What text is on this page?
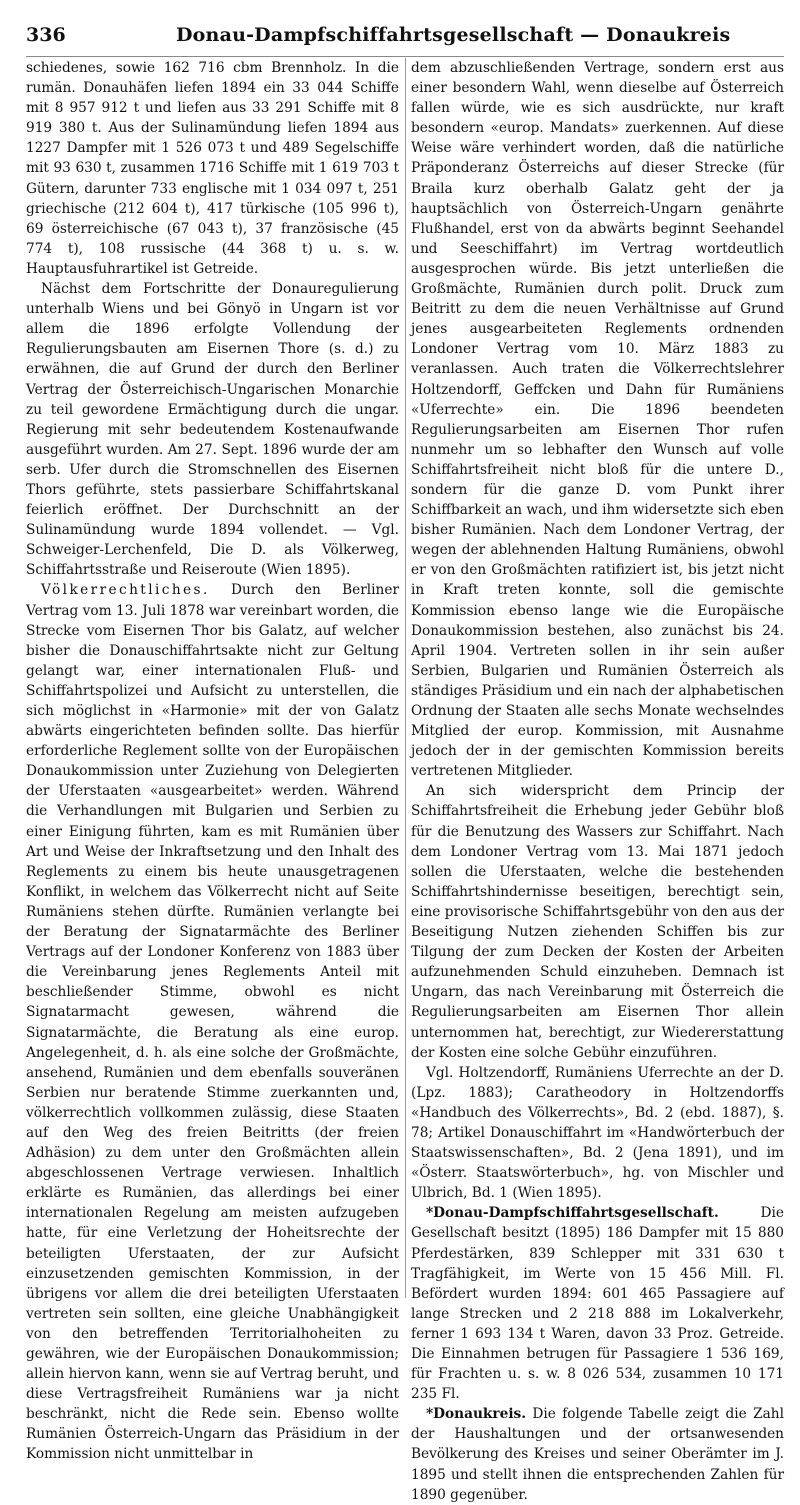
336	Donau-Dampfschiffahrtsgesellschaft — Donaukreis

schiedenes, sowie 162 716 cbm Brennholz. In die rumän. Donauhäfen liefen 1894 ein 33 044 Schiffe mit 8 957 912 t und liefen aus 33 291 Schiffe mit 8 919 380 t. Aus der Sulinamündung liefen 1894 aus 1227 Dampfer mit 1 526 073 t und 489 Segelschiffe mit 93 630 t, zusammen 1716 Schiffe mit 1 619 703 t Gütern, darunter 733 englische mit 1 034 097 t, 251 griechische (212 604 t), 417 türkische (105 996 t), 69 österreichische (67 043 t), 37 französische (45 774 t), 108 russische (44 368 t) u. s. w. Hauptausfuhrartikel ist Getreide.

Nächst dem Fortschritte der Donauregulierung unterhalb Wiens und bei Gönyö in Ungarn ist vor allem die 1896 erfolgte Vollendung der Regulierungsbauten am Eisernen Thore (s. d.) zu erwähnen, die auf Grund der durch den Berliner Vertrag der Österreichisch-Ungarischen Monarchie zu teil gewordene Ermächtigung durch die ungar. Regierung mit sehr bedeutendem Kostenaufwande ausgeführt wurden. Am 27. Sept. 1896 wurde der am serb. Ufer durch die Stromschnellen des Eisernen Thors geführte, stets passierbare Schiffahrtskanal feierlich eröffnet. Der Durchschnitt an der Sulinamündung wurde 1894 vollendet. — Vgl. Schweiger-Lerchenfeld, Die D. als Völkerweg, Schiffahrtsstraße und Reiseroute (Wien 1895).

Völkerrechtliches. Durch den Berliner Vertrag vom 13. Juli 1878 war vereinbart worden, die Strecke vom Eisernen Thor bis Galatz, auf welcher bisher die Donauschiffahrtsakte nicht zur Geltung gelangt war, einer internationalen Fluß- und Schiffahrtspolizei und Aufsicht zu unterstellen, die sich möglichst in «Harmonie» mit der von Galatz abwärts eingerichteten befinden sollte. Das hierfür erforderliche Reglement sollte von der Europäischen Donaukommission unter Zuziehung von Delegierten der Uferstaaten «ausgearbeitet» werden. Während die Verhandlungen mit Bulgarien und Serbien zu einer Einigung führten, kam es mit Rumänien über Art und Weise der Inkraftsetzung und den Inhalt des Reglements zu einem bis heute unausgetragenen Konflikt, in welchem das Völkerrecht nicht auf Seite Rumäniens stehen dürfte. Rumänien verlangte bei der Beratung der Signatarmächte des Berliner Vertrags auf der Londoner Konferenz von 1883 über die Vereinbarung jenes Reglements Anteil mit beschließender Stimme, obwohl es nicht Signatarmacht gewesen, während die Signatarmächte, die Beratung als eine europ. Angelegenheit, d. h. als eine solche der Großmächte, ansehend, Rumänien und dem ebenfalls souveränen Serbien nur beratende Stimme zuerkannten und, völkerrechtlich vollkommen zulässig, diese Staaten auf den Weg des freien Beitritts (der freien Adhäsion) zu dem unter den Großmächten allein abgeschlossenen Vertrage verwiesen. Inhaltlich erklärte es Rumänien, das allerdings bei einer internationalen Regelung am meisten aufzugeben hatte, für eine Verletzung der Hoheitsrechte der beteiligten Uferstaaten, der zur Aufsicht einzusetzenden gemischten Kommission, in der übrigens vor allem die drei beteiligten Uferstaaten vertreten sein sollten, eine gleiche Unabhängigkeit von den betreffenden Territorialhoheiten zu gewähren, wie der Europäischen Donaukommission; allein hiervon kann, wenn sie auf Vertrag beruht, und diese Vertragsfreiheit Rumäniens war ja nicht beschränkt, nicht die Rede sein. Ebenso wollte Rumänien Österreich-Ungarn das Präsidium in der Kommission nicht unmittelbar in

dem abzuschließenden Vertrage, sondern erst aus einer besondern Wahl, wenn dieselbe auf Österreich fallen würde, wie es sich ausdrückte, nur kraft besondern «europ. Mandats» zuerkennen. Auf diese Weise wäre verhindert worden, daß die natürliche Präponderanz Österreichs auf dieser Strecke (für Braila kurz oberhalb Galatz geht der ja hauptsächlich von Österreich-Ungarn genährte Flußhandel, erst von da abwärts beginnt Seehandel und Seeschiffahrt) im Vertrag wortdeutlich ausgesprochen würde. Bis jetzt unterließen die Großmächte, Rumänien durch polit. Druck zum Beitritt zu dem die neuen Verhältnisse auf Grund jenes ausgearbeiteten Reglements ordnenden Londoner Vertrag vom 10. März 1883 zu veranlassen. Auch traten die Völkerrechtslehrer Holtzendorff, Geffcken und Dahn für Rumäniens «Uferrechte» ein. Die 1896 beendeten Regulierungsarbeiten am Eisernen Thor rufen nunmehr um so lebhafter den Wunsch auf volle Schiffahrtsfreiheit nicht bloß für die untere D., sondern für die ganze D. vom Punkt ihrer Schiffbarkeit an wach, und ihm widersetzte sich eben bisher Rumänien. Nach dem Londoner Vertrag, der wegen der ablehnenden Haltung Rumäniens, obwohl er von den Großmächten ratifiziert ist, bis jetzt nicht in Kraft treten konnte, soll die gemischte Kommission ebenso lange wie die Europäische Donaukommission bestehen, also zunächst bis 24. April 1904. Vertreten sollen in ihr sein außer Serbien, Bulgarien und Rumänien Österreich als ständiges Präsidium und ein nach der alphabetischen Ordnung der Staaten alle sechs Monate wechselndes Mitglied der europ. Kommission, mit Ausnahme jedoch der in der gemischten Kommission bereits vertretenen Mitglieder.

An sich widerspricht dem Princip der Schiffahrtsfreiheit die Erhebung jeder Gebühr bloß für die Benutzung des Wassers zur Schiffahrt. Nach dem Londoner Vertrag vom 13. Mai 1871 jedoch sollen die Uferstaaten, welche die bestehenden Schiffahrtshindernisse beseitigen, berechtigt sein, eine provisorische Schiffahrtsgebühr von den aus der Beseitigung Nutzen ziehenden Schiffen bis zur Tilgung der zum Decken der Kosten der Arbeiten aufzunehmenden Schuld einzuheben. Demnach ist Ungarn, das nach Vereinbarung mit Österreich die Regulierungsarbeiten am Eisernen Thor allein unternommen hat, berechtigt, zur Wiedererstattung der Kosten eine solche Gebühr einzuführen.

Vgl. Holtzendorff, Rumäniens Uferrechte an der D. (Lpz. 1883); Caratheodory in Holtzendorffs «Handbuch des Völkerrechts», Bd. 2 (ebd. 1887), §. 78; Artikel Donauschiffahrt im «Handwörterbuch der Staatswissenschaften», Bd. 2 (Jena 1891), und im «Österr. Staatswörterbuch», hg. von Mischler und Ulbrich, Bd. 1 (Wien 1895).

*Donau-Dampfschiffahrtsgesellschaft. Die Gesellschaft besitzt (1895) 186 Dampfer mit 15 880 Pferdestärken, 839 Schlepper mit 331 630 t Tragfähigkeit, im Werte von 15 456 Mill. Fl. Befördert wurden 1894: 601 465 Passagiere auf lange Strecken und 2 218 888 im Lokalverkehr, ferner 1 693 134 t Waren, davon 33 Proz. Getreide. Die Einnahmen betrugen für Passagiere 1 536 169, für Frachten u. s. w. 8 026 534, zusammen 10 171 235 Fl.

*Donaukreis. Die folgende Tabelle zeigt die Zahl der Haushaltungen und der ortsanwesenden Bevölkerung des Kreises und seiner Oberämter im J. 1895 und stellt ihnen die entsprechenden Zahlen für 1890 gegenüber.
